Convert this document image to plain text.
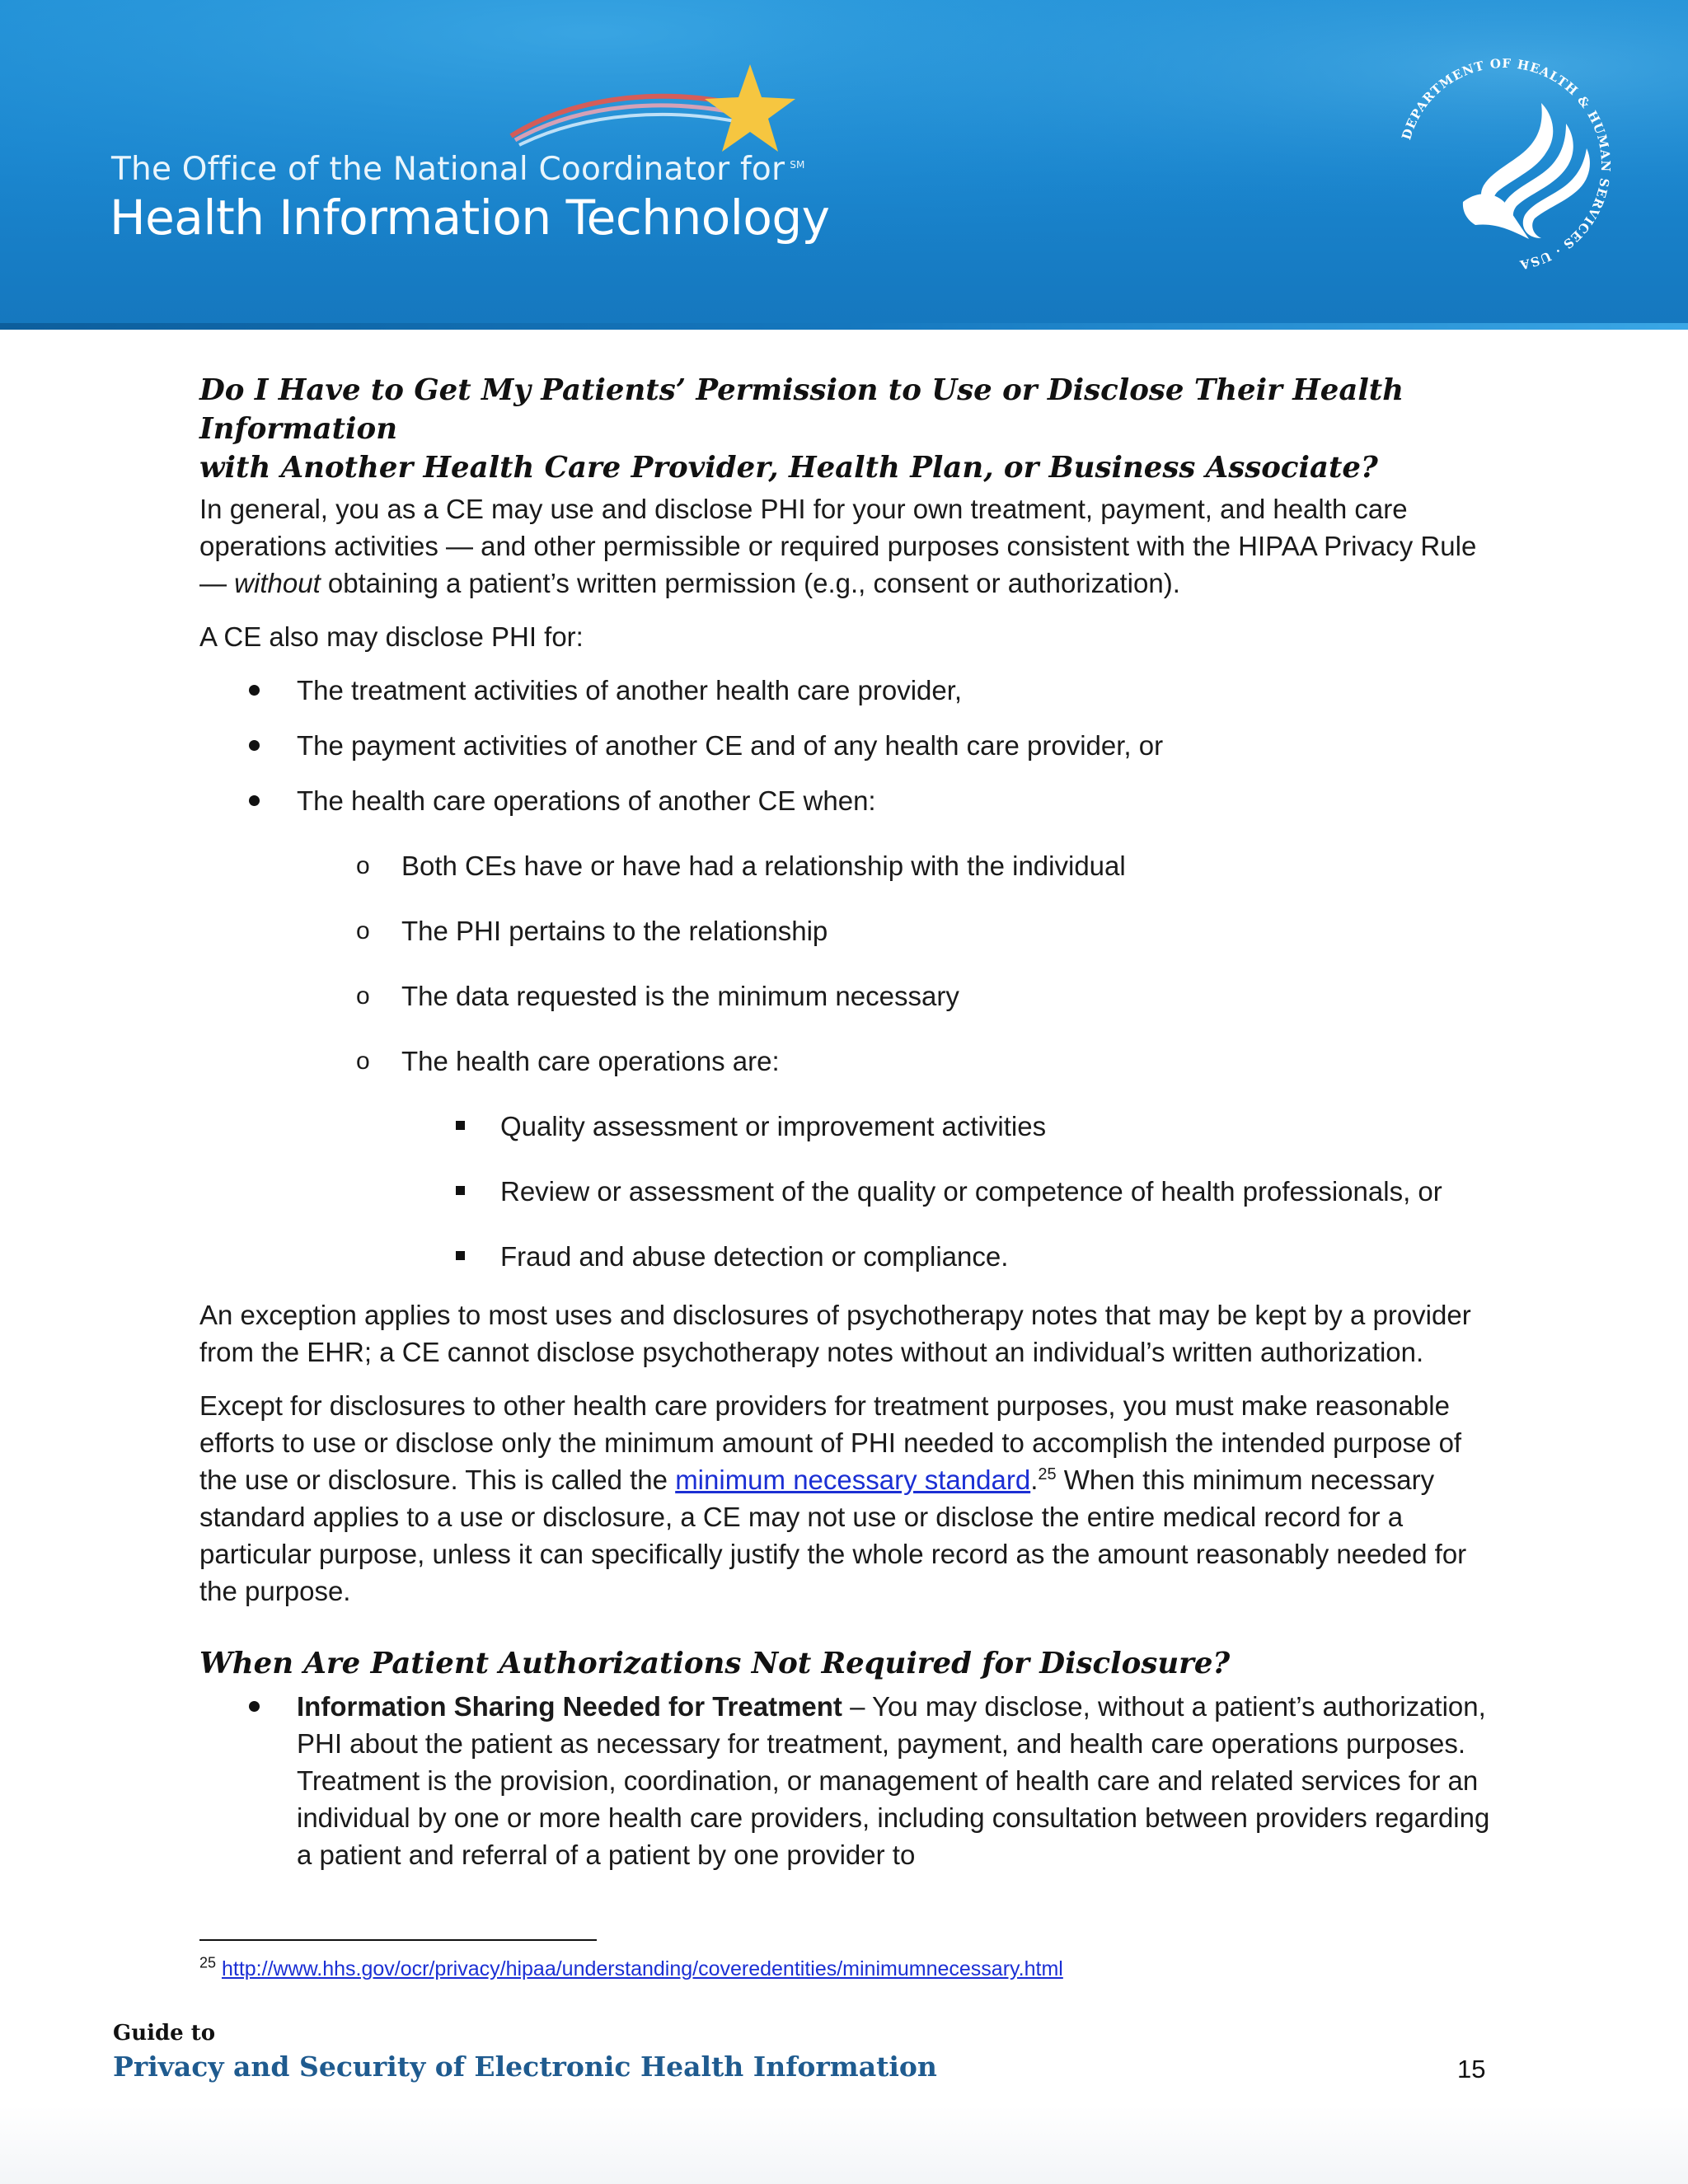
The Office of the National Coordinator for ℠
Health Information Technology
DEPARTMENT OF HEALTH & HUMAN SERVICES · USA
Do I Have to Get My Patients’ Permission to Use or Disclose Their Health Information
with Another Health Care Provider, Health Plan, or Business Associate?

In general, you as a CE may use and disclose PHI for your own treatment, payment, and health care operations activities — and other permissible or required purposes consistent with the HIPAA Privacy Rule — without obtaining a patient’s written permission (e.g., consent or authorization).

A CE also may disclose PHI for:

The treatment activities of another health care provider,
The payment activities of another CE and of any health care provider, or
The health care operations of another CE when:
o Both CEs have or have had a relationship with the individual
o The PHI pertains to the relationship
o The data requested is the minimum necessary
o The health care operations are:
Quality assessment or improvement activities
Review or assessment of the quality or competence of health professionals, or
Fraud and abuse detection or compliance.

An exception applies to most uses and disclosures of psychotherapy notes that may be kept by a provider from the EHR; a CE cannot disclose psychotherapy notes without an individual’s written authorization.

Except for disclosures to other health care providers for treatment purposes, you must make reasonable efforts to use or disclose only the minimum amount of PHI needed to accomplish the intended purpose of the use or disclosure. This is called the minimum necessary standard.$^{25}$ When this minimum necessary standard applies to a use or disclosure, a CE may not use or disclose the entire medical record for a particular purpose, unless it can specifically justify the whole record as the amount reasonably needed for the purpose.

When Are Patient Authorizations Not Required for Disclosure?
Information Sharing Needed for Treatment – You may disclose, without a patient’s authorization, PHI about the patient as necessary for treatment, payment, and health care operations purposes. Treatment is the provision, coordination, or management of health care and related services for an individual by one or more health care providers, including consultation between providers regarding a patient and referral of a patient by one provider to
$^{25}$ http://www.hhs.gov/ocr/privacy/hipaa/understanding/coveredentities/minimumnecessary.html
Guide to
Privacy and Security of Electronic Health Information	15
